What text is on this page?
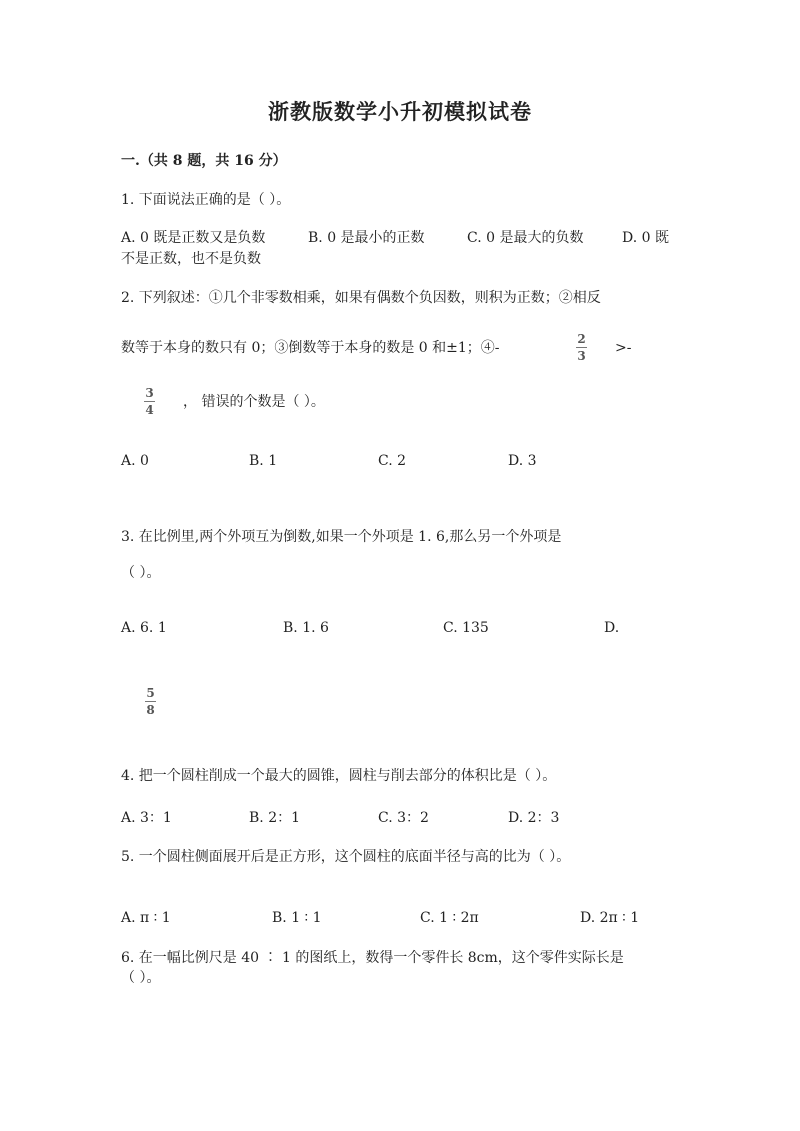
浙教版数学小升初模拟试卷
一.（共 8 题，共 16 分）
1. 下面说法正确的是（ ）。
A. 0 既是正数又是负数	B. 0 是最小的正数	C. 0 是最大的负数	D. 0 既
不是正数，也不是负数
2. 下列叙述：①几个非零数相乘，如果有偶数个负因数，则积为正数；②相反
数等于本身的数只有 0；③倒数等于本身的数是 0 和±1；④-
2
3 >-
3
4 ， 错误的个数是（ ）。
A. 0	B. 1	C. 2	D. 3
3. 在比例里,两个外项互为倒数,如果一个外项是 1. 6,那么另一个外项是
（ ）。
A. 6. 1	B. 1. 6	C. 135	D.
5
8
4. 把一个圆柱削成一个最大的圆锥，圆柱与削去部分的体积比是（ ）。
A. 3：1	B. 2：1	C. 3：2	D. 2：3
5. 一个圆柱侧面展开后是正方形，这个圆柱的底面半径与高的比为（ ）。
A. π ∶ 1	B. 1 ∶ 1	C. 1 ∶ 2π	D. 2π ∶ 1
6. 在一幅比例尺是 40 ∶ 1 的图纸上，数得一个零件长 8cm，这个零件实际长是
（ ）。
